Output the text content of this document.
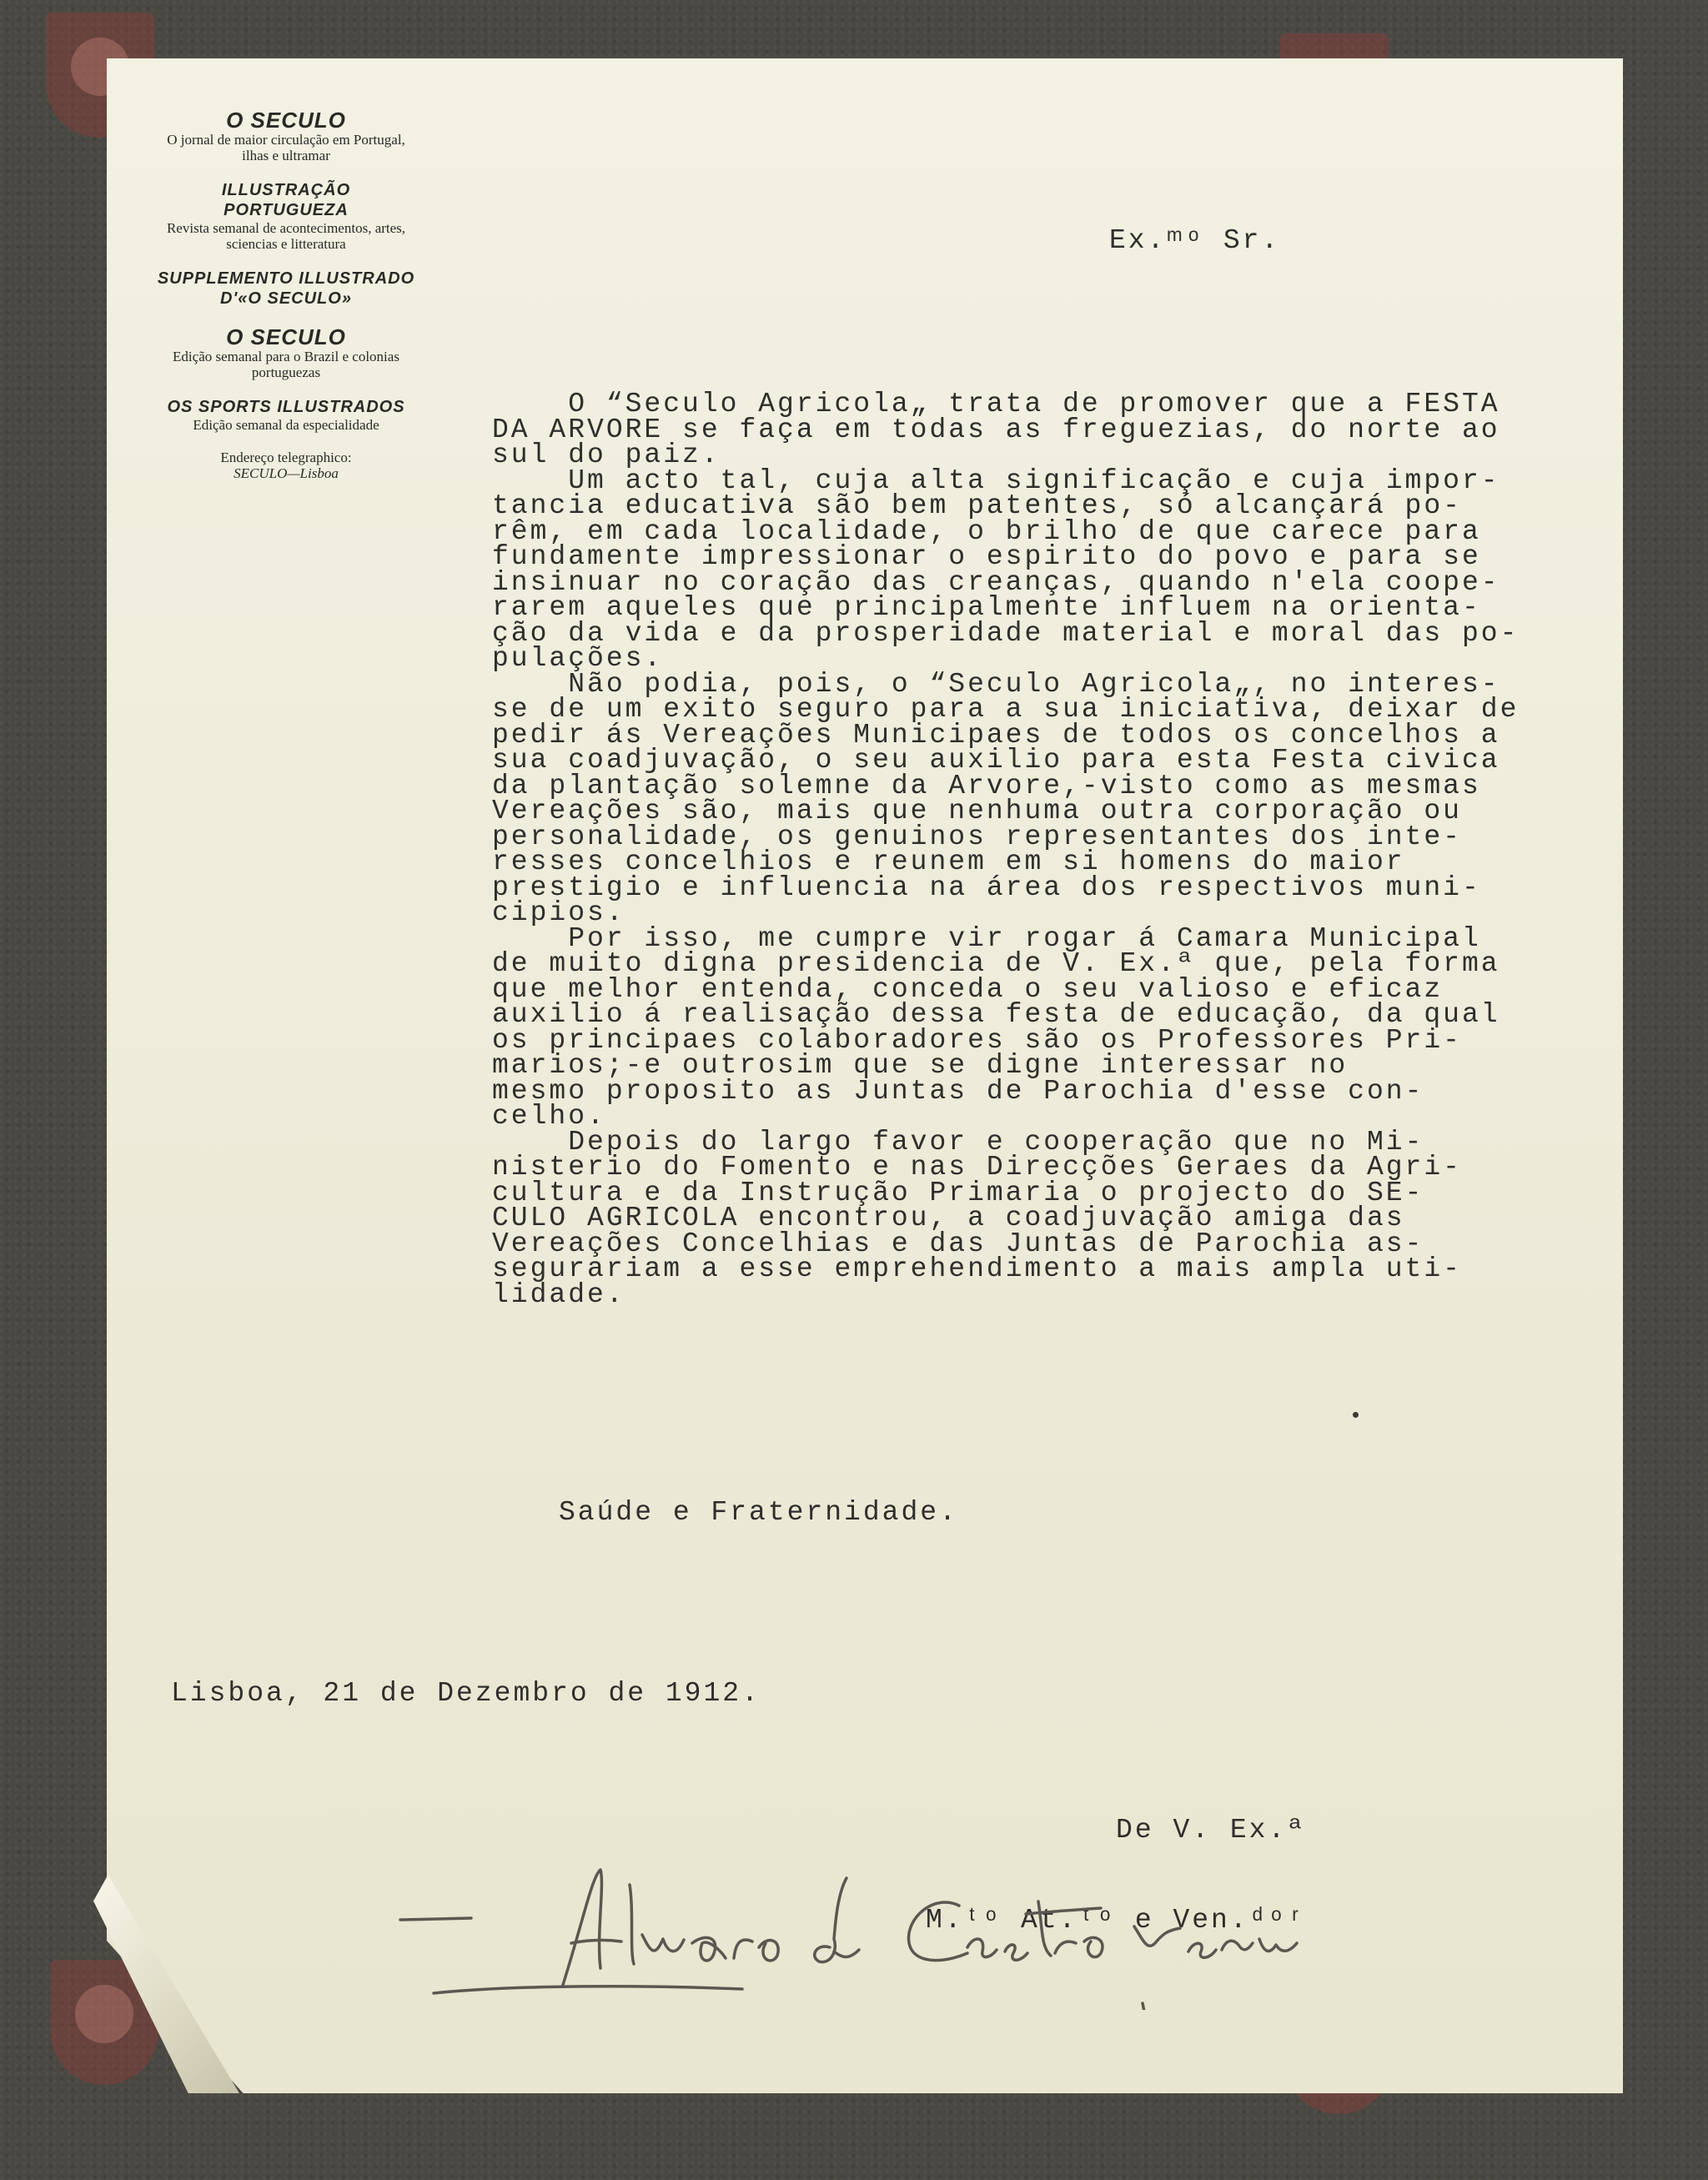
O SECULO
O jornal de maior circulação em Portugal, ilhas e ultramar
ILLUSTRAÇÃO PORTUGUEZA
Revista semanal de acontecimentos, artes, sciencias e litteratura
SUPPLEMENTO ILLUSTRADO D'«O SECULO»
O SECULO
Edição semanal para o Brazil e colonias portuguezas
OS SPORTS ILLUSTRADOS
Edição semanal da especialidade
Endereço telegraphico:
SECULO—Lisboa
Ex.ᵐᵒ Sr.
O “Seculo Agricola„ trata de promover que a FESTA
DA ARVORE se faça em todas as freguezias, do norte ao
sul do paiz.
Um acto tal, cuja alta significação e cuja impor-
tancia educativa são bem patentes, só alcançará po-
rêm, em cada localidade, o brilho de que carece para
fundamente impressionar o espirito do povo e para se
insinuar no coração das creanças, quando n'ela coope-
rarem aqueles que principalmente influem na orienta-
ção da vida e da prosperidade material e moral das po-
pulações.
Não podia, pois, o “Seculo Agricola„, no interes-
se de um exito seguro para a sua iniciativa, deixar de
pedir ás Vereações Municipaes de todos os concelhos a
sua coadjuvação, o seu auxilio para esta Festa civica
da plantação solemne da Arvore,-visto como as mesmas
Vereações são, mais que nenhuma outra corporação ou
personalidade, os genuinos representantes dos inte-
resses concelhios e reunem em si homens do maior
prestigio e influencia na área dos respectivos muni-
cipios.
Por isso, me cumpre vir rogar á Camara Municipal
de muito digna presidencia de V. Ex.ª que, pela forma
que melhor entenda, conceda o seu valioso e eficaz
auxilio á realisação dessa festa de educação, da qual
os principaes colaboradores são os Professores Pri-
marios;-e outrosim que se digne interessar no
mesmo proposito as Juntas de Parochia d'esse con-
celho.
Depois do largo favor e cooperação que no Mi-
nisterio do Fomento e nas Direcções Geraes da Agri-
cultura e da Instrução Primaria o projecto do SE-
CULO AGRICOLA encontrou, a coadjuvação amiga das
Vereações Concelhias e das Juntas de Parochia as-
segurariam a esse emprehendimento a mais ampla uti-
lidade.
Saúde e Fraternidade.
Lisboa, 21 de Dezembro de 1912.

De V. Ex.ª

M.ᵗᵒ At.ᵗᵒ e Ven.ᵈᵒʳ
